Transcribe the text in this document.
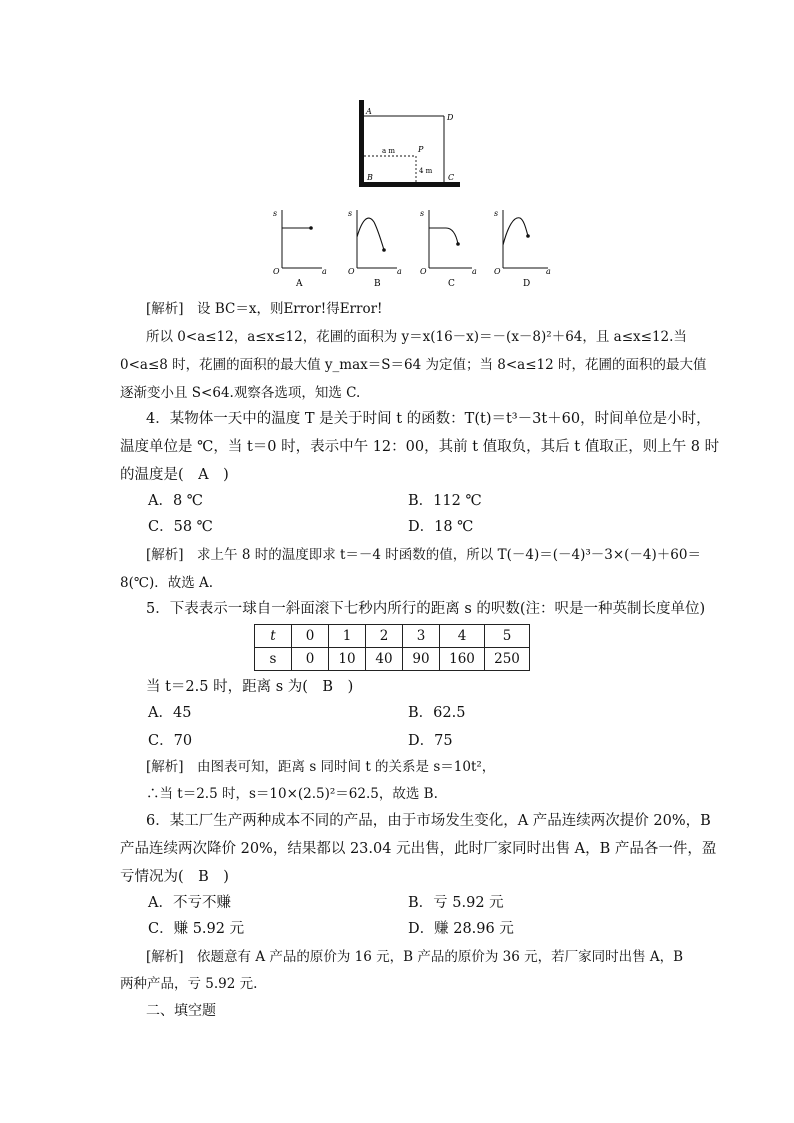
A
D
P
B	C
a m
4 m
s
O	a
A
s
O	a
B
s
O	a
C
s
O	a
D
[解析]　设 BC＝x，则Error!得Error!
所以 0<a≤12，a≤x≤12，花圃的面积为 y＝x(16－x)＝－(x－8)²＋64，且 a≤x≤12.当
0<a≤8 时，花圃的面积的最大值 y_max＝S＝64 为定值；当 8<a≤12 时，花圃的面积的最大值
逐渐变小且 S<64.观察各选项，知选 C.
4．某物体一天中的温度 T 是关于时间 t 的函数：T(t)＝t³－3t＋60，时间单位是小时，
温度单位是 ℃，当 t＝0 时，表示中午 12：00，其前 t 值取负，其后 t 值取正，则上午 8 时
的温度是(　A　)
A．8 ℃	B．112 ℃
C．58 ℃	D．18 ℃
[解析]　求上午 8 时的温度即求 t＝－4 时函数的值，所以 T(－4)＝(－4)³－3×(－4)＋60＝
8(℃)．故选 A.
5．下表表示一球自一斜面滚下七秒内所行的距离 s 的呎数(注：呎是一种英制长度单位)
t	0	1	2	3	4	5
s	0	10	40	90	160	250
当 t＝2.5 时，距离 s 为(　B　)
A．45	B．62.5
C．70	D．75
[解析]　由图表可知，距离 s 同时间 t 的关系是 s＝10t²，
∴当 t＝2.5 时，s＝10×(2.5)²＝62.5，故选 B.
6．某工厂生产两种成本不同的产品，由于市场发生变化，A 产品连续两次提价 20%，B
产品连续两次降价 20%，结果都以 23.04 元出售，此时厂家同时出售 A，B 产品各一件，盈
亏情况为(　B　)
A．不亏不赚	B．亏 5.92 元
C．赚 5.92 元	D．赚 28.96 元
[解析]　依题意有 A 产品的原价为 16 元，B 产品的原价为 36 元，若厂家同时出售 A，B
两种产品，亏 5.92 元.
二、填空题
